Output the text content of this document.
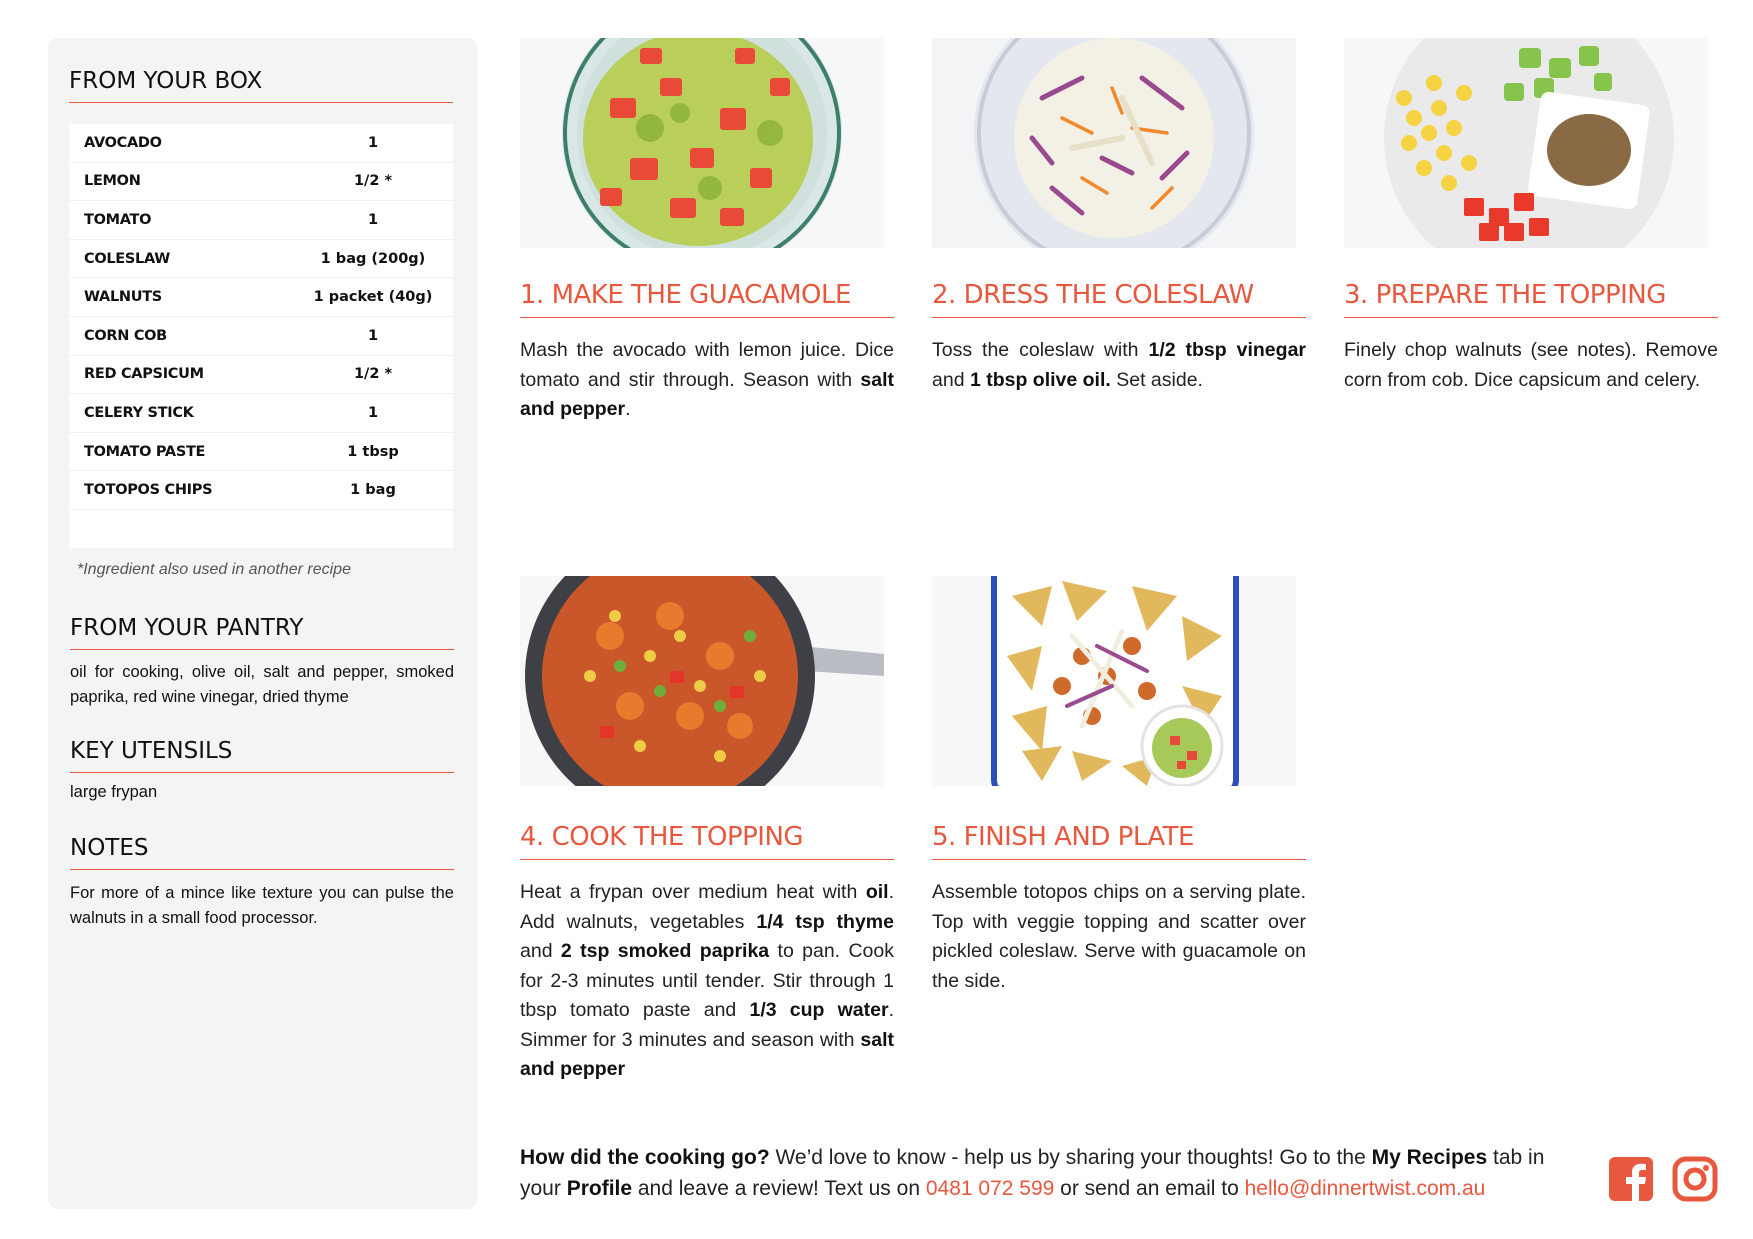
FROM YOUR BOX
AVOCADO	1
LEMON	1/2 *
TOMATO	1
COLESLAW	1 bag (200g)
WALNUTS	1 packet (40g)
CORN COB	1
RED CAPSICUM	1/2 *
CELERY STICK	1
TOMATO PASTE	1 tbsp
TOTOPOS CHIPS	1 bag
*Ingredient also used in another recipe
FROM YOUR PANTRY
oil for cooking, olive oil, salt and pepper, smoked paprika, red wine vinegar, dried thyme
KEY UTENSILS
large frypan
NOTES
For more of a mince like texture you can pulse the walnuts in a small food processor.
1. MAKE THE GUACAMOLE
Mash the avocado with lemon juice. Dice tomato and stir through. Season with salt and pepper.
2. DRESS THE COLESLAW
Toss the coleslaw with 1/2 tbsp vinegar and 1 tbsp olive oil. Set aside.
3. PREPARE THE TOPPING
Finely chop walnuts (see notes). Remove corn from cob. Dice capsicum and celery.
4. COOK THE TOPPING
Heat a frypan over medium heat with oil. Add walnuts, vegetables 1/4 tsp thyme and 2 tsp smoked paprika to pan. Cook for 2-3 minutes until tender. Stir through 1 tbsp tomato paste and 1/3 cup water. Simmer for 3 minutes and season with salt and pepper
5. FINISH AND PLATE
Assemble totopos chips on a serving plate. Top with veggie topping and scatter over pickled coleslaw. Serve with guacamole on the side.
How did the cooking go? We’d love to know - help us by sharing your thoughts! Go to the My Recipes tab in your Profile and leave a review! Text us on 0481 072 599 or send an email to hello@dinnertwist.com.au
